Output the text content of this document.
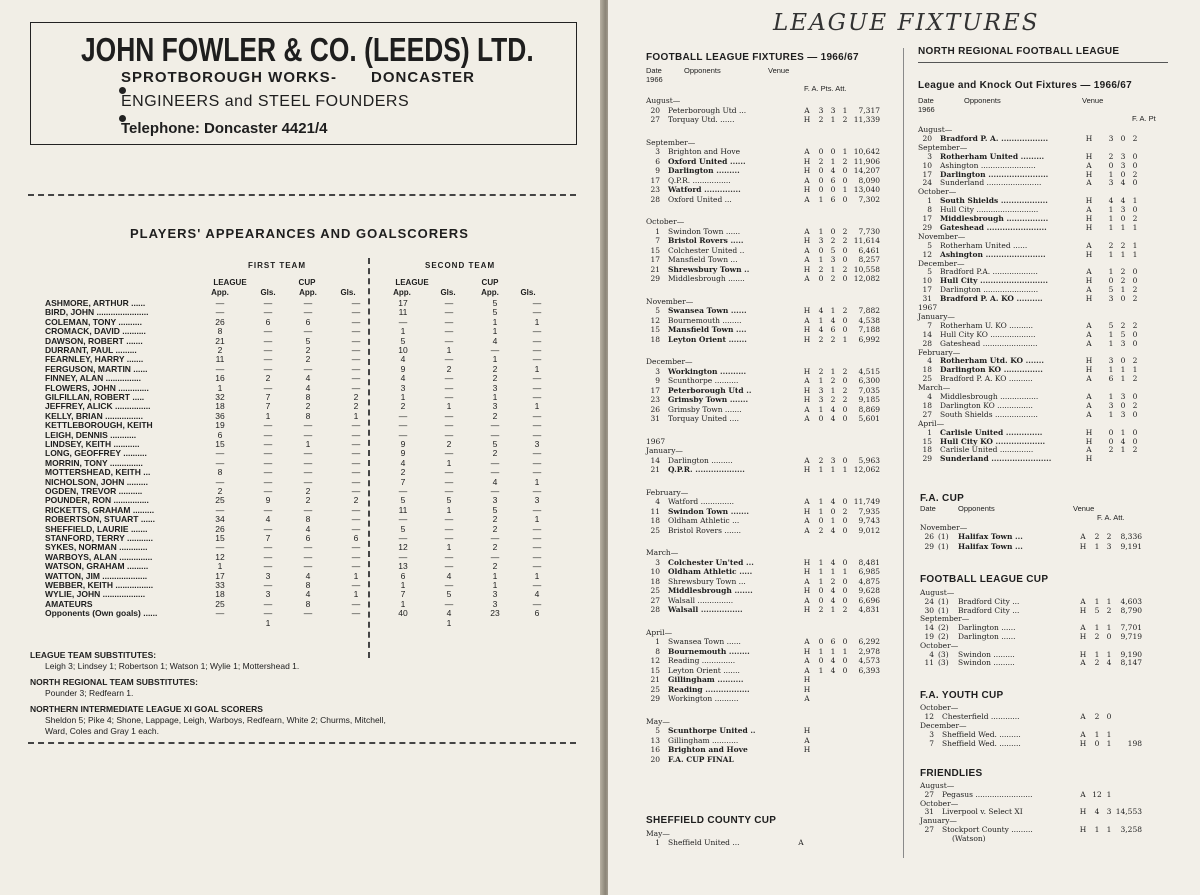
JOHN FOWLER & CO. (LEEDS) LTD.
SPROTBOROUGH WORKS - DONCASTER
ENGINEERS and STEEL FOUNDERS
Telephone: Doncaster 4421/4
PLAYERS' APPEARANCES AND GOALSCORERS
FIRST TEAM	SECOND TEAM
LEAGUE	CUP	LEAGUE	CUP
App.	Gls.	App.	Gls.	App.	Gls.	App.	Gls.
ASHMORE, ARTHUR ......	—	—	—	—	17	—	5	—
BIRD, JOHN ......................	—	—	—	—	11	—	5	—
COLEMAN, TONY ..........	26	6	6	—	—	—	1	1
CROMACK, DAVID ..........	8	—	—	—	1	—	1	—
DAWSON, ROBERT .......	21	—	5	—	5	—	4	—
DURRANT, PAUL .........	2	—	2	—	10	1	—	—
FEARNLEY, HARRY .......	11	—	2	—	4	—	1	—
FERGUSON, MARTIN ......	—	—	—	—	9	2	2	1
FINNEY, ALAN ...............	16	2	4	—	4	—	2	—
FLOWERS, JOHN .............	1	—	4	—	3	—	3	—
GILFILLAN, ROBERT .....	32	7	8	2	1	—	1	—
JEFFREY, ALICK ...............	18	7	2	2	2	1	3	1
KELLY, BRIAN ................	36	1	8	1	—	—	2	—
KETTLEBOROUGH, KEITH	19	—	—	—	—	—	—	—
LEIGH, DENNIS ...........	6	—	—	—	—	—	—	—
LINDSEY, KEITH ...........	15	—	1	—	9	2	5	3
LONG, GEOFFREY ..........	—	—	—	—	9	—	2	—
MORRIN, TONY ..............	—	—	—	—	4	1	—	—
MOTTERSHEAD, KEITH ...	8	—	—	—	2	—	—	—
NICHOLSON, JOHN .........	—	—	—	—	7	—	4	1
OGDEN, TREVOR ..........	2	—	2	—	—	—	—	—
POUNDER, RON ...............	25	9	2	2	5	5	3	3
RICKETTS, GRAHAM .........	—	—	—	—	11	1	5	—
ROBERTSON, STUART ......	34	4	8	—	—	—	2	1
SHEFFIELD, LAURIE .......	26	—	4	—	5	—	2	—
STANFORD, TERRY ...........	15	7	6	6	—	—	—	—
SYKES, NORMAN ............	—	—	—	—	12	1	2	—
WARBOYS, ALAN ..............	12	—	—	—	—	—	—	—
WATSON, GRAHAM .........	1	—	—	—	13	—	2	—
WATTON, JIM ...................	17	3	4	1	6	4	1	1
WEBBER, KEITH ................	33	—	8	—	1	—	1	—
WYLIE, JOHN ..................	18	3	4	1	7	5	3	4
AMATEURS	25	—	8	—	1	—	3	—
Opponents (Own goals) ......	—	—	—	—	40	4	23	6
1	1
LEAGUE TEAM SUBSTITUTES:
Leigh 3; Lindsey 1; Robertson 1; Watson 1; Wylie 1; Mottershead 1.
NORTH REGIONAL TEAM SUBSTITUTES:
Pounder 3; Redfearn 1.
NORTHERN INTERMEDIATE LEAGUE XI GOAL SCORERS
Sheldon 5; Pike 4; Shone, Lappage, Leigh, Warboys, Redfearn, White 2; Churms, Mitchell,
Ward, Coles and Gray 1 each.
LEAGUE FIXTURES
FOOTBALL LEAGUE FIXTURES — 1966/67
Date	Opponents	Venue
1966
F. A. Pts. Att.
August—
20 Peterborough Utd ...	A	3 3 1	7,317
27 Torquay Utd. ......	H	2 1 2 11,339
September—
3 Brighton and Hove	A	0 0 1 10,642
6 Oxford United ......	H	2 1 2 11,906
9 Darlington .........	H	0 4 0 14,207
17 Q.P.R. ................	A	0 6 0	8,090
23 Watford ..............	H	0 0 1 13,040
28 Oxford United ...	A	1 6 0	7,302
October—
1 Swindon Town ......	A	1 0 2	7,730
7 Bristol Rovers .....	H	3 2 2 11,614
15 Colchester United ..	A	0 5 0	6,461
17 Mansfield Town ...	A	1 3 0	8,257
21 Shrewsbury Town ..	H	2 1 2 10,558
29 Middlesbrough .......	A	0 2 0 12,082
November—
5 Swansea Town ......	H	4 1 2	7,882
12 Bournemouth ........	A	1 4 0	4,538
15 Mansfield Town ....	H	4 6 0	7,188
18 Leyton Orient .......	H	2 2 1	6,992
December—
3 Workington ..........	H	2 1 2	4,515
9 Scunthorpe ..........	A	1 2 0	6,300
17 Peterborough Utd ..	H	3 1 2	7,035
23 Grimsby Town .......	H	3 2 2	9,185
26 Grimsby Town .......	A	1 4 0	8,869
31 Torquay United ....	A	0 4 0	5,601
1967
January—
14 Darlington .........	A	2 3 0	5,963
21 Q.P.R. ...................	H	1 1 1 12,062
February—
4 Watford ..............	A	1 4 0 11,749
11 Swindon Town .......	H	1 0 2	7,935
18 Oldham Athletic ...	A	0 1 0	9,743
25 Bristol Rovers .......	A	2 4 0	9,012
March—
3 Colchester Un'ted ...	H	1 4 0	8,481
10 Oldham Athletic .....	H	1 1 1	6,985
18 Shrewsbury Town ...	A	1 2 0	4,875
25 Middlesbrough .......	H	0 4 0	9,628
27 Walsall ...............	A	0 4 0	6,696
28 Walsall ................	H	2 1 2	4,831
April—
1 Swansea Town ......	A	0 6 0	6,292
8 Bournemouth ........	H	1 1 1	2,978
12 Reading ..............	A	0 4 0	4,573
15 Leyton Orient .......	A	1 4 0	6,393
21 Gillingham ..........	H
25 Reading .................	H
29 Workington ..........	A
May—
5 Scunthorpe United ..	H
13 Gillingham ...........	A
16 Brighton and Hove	H
20 F.A. CUP FINAL
SHEFFIELD COUNTY CUP
May—
1 Sheffield United ...	A
NORTH REGIONAL FOOTBALL LEAGUE
League and Knock Out Fixtures — 1966/67
Date	Opponents	Venue
1966
F. A. Pt
August—
20 Bradford P. A. ..................	H	3 0 2
September—
3 Rotherham United .........	H	2 3 0
10 Ashington .......................	A	0 3 0
17 Darlington .......................	H	1 0 2
24 Sunderland .......................	A	3 4 0
October—
1 South Shields ..................	H	4 4 1
8 Hull City ..........................	A	1 3 0
17 Middlesbrough ................	H	1 0 2
29 Gateshead .......................	H	1 1 1
November—
5 Rotherham United ......	A	2 2 1
12 Ashington .......................	H	1 1 1
December—
5 Bradford P.A. ...................	A	1 2 0
10 Hull City ..........................	H	0 2 0
17 Darlington .......................	A	5 1 2
31 Bradford P. A. KO ..........	H	3 0 2
1967
January—
7 Rotherham U. KO ..........	A	5 2 2
14 Hull City KO ...................	A	1 5 0
28 Gateshead .......................	A	1 3 0
February—
4 Rotherham Utd. KO .......	H	3 0 2
18 Darlington KO ...............	H	1 1 1
25 Bradford P. A. KO ..........	A	6 1 2
March—
4 Middlesbrough ................	A	1 3 0
18 Darlington KO ...............	A	3 0 2
27 South Shields ..................	A	1 3 0
April—
1 Carlisle United ..............	H	0 1 0
15 Hull City KO ...................	H	0 4 0
18 Carlisle United ..............	A	2 1 2
29 Sunderland .......................	H
F.A. CUP
Date	Opponents	Venue
F. A. Att.
November—
26 (1) Halifax Town ...	A	2 2	8,336
29 (1) Halifax Town ...	H	1 3	9,191
FOOTBALL LEAGUE CUP
August—
24 (1) Bradford City ...	A	1 1	4,603
30 (1) Bradford City ...	H	5 2	8,790
September—
14 (2) Darlington ......	A	1 1	7,701
19 (2) Darlington ......	H	2 0	9,719
October—
4 (3) Swindon .........	H	1 1	9,190
11 (3) Swindon .........	A	2 4	8,147
F.A. YOUTH CUP
October—
12 Chesterfield ............	A	2 0
December—
3 Sheffield Wed. .........	A	1 1
7 Sheffield Wed. .........	H	0 1	198
FRIENDLIES
August—
27 Pegasus ........................	A 12 1
October—
31 Liverpool v. Select XI	H	4 3 14,553
January—
27 Stockport County .........	H	1 1	3,258
(Watson)
